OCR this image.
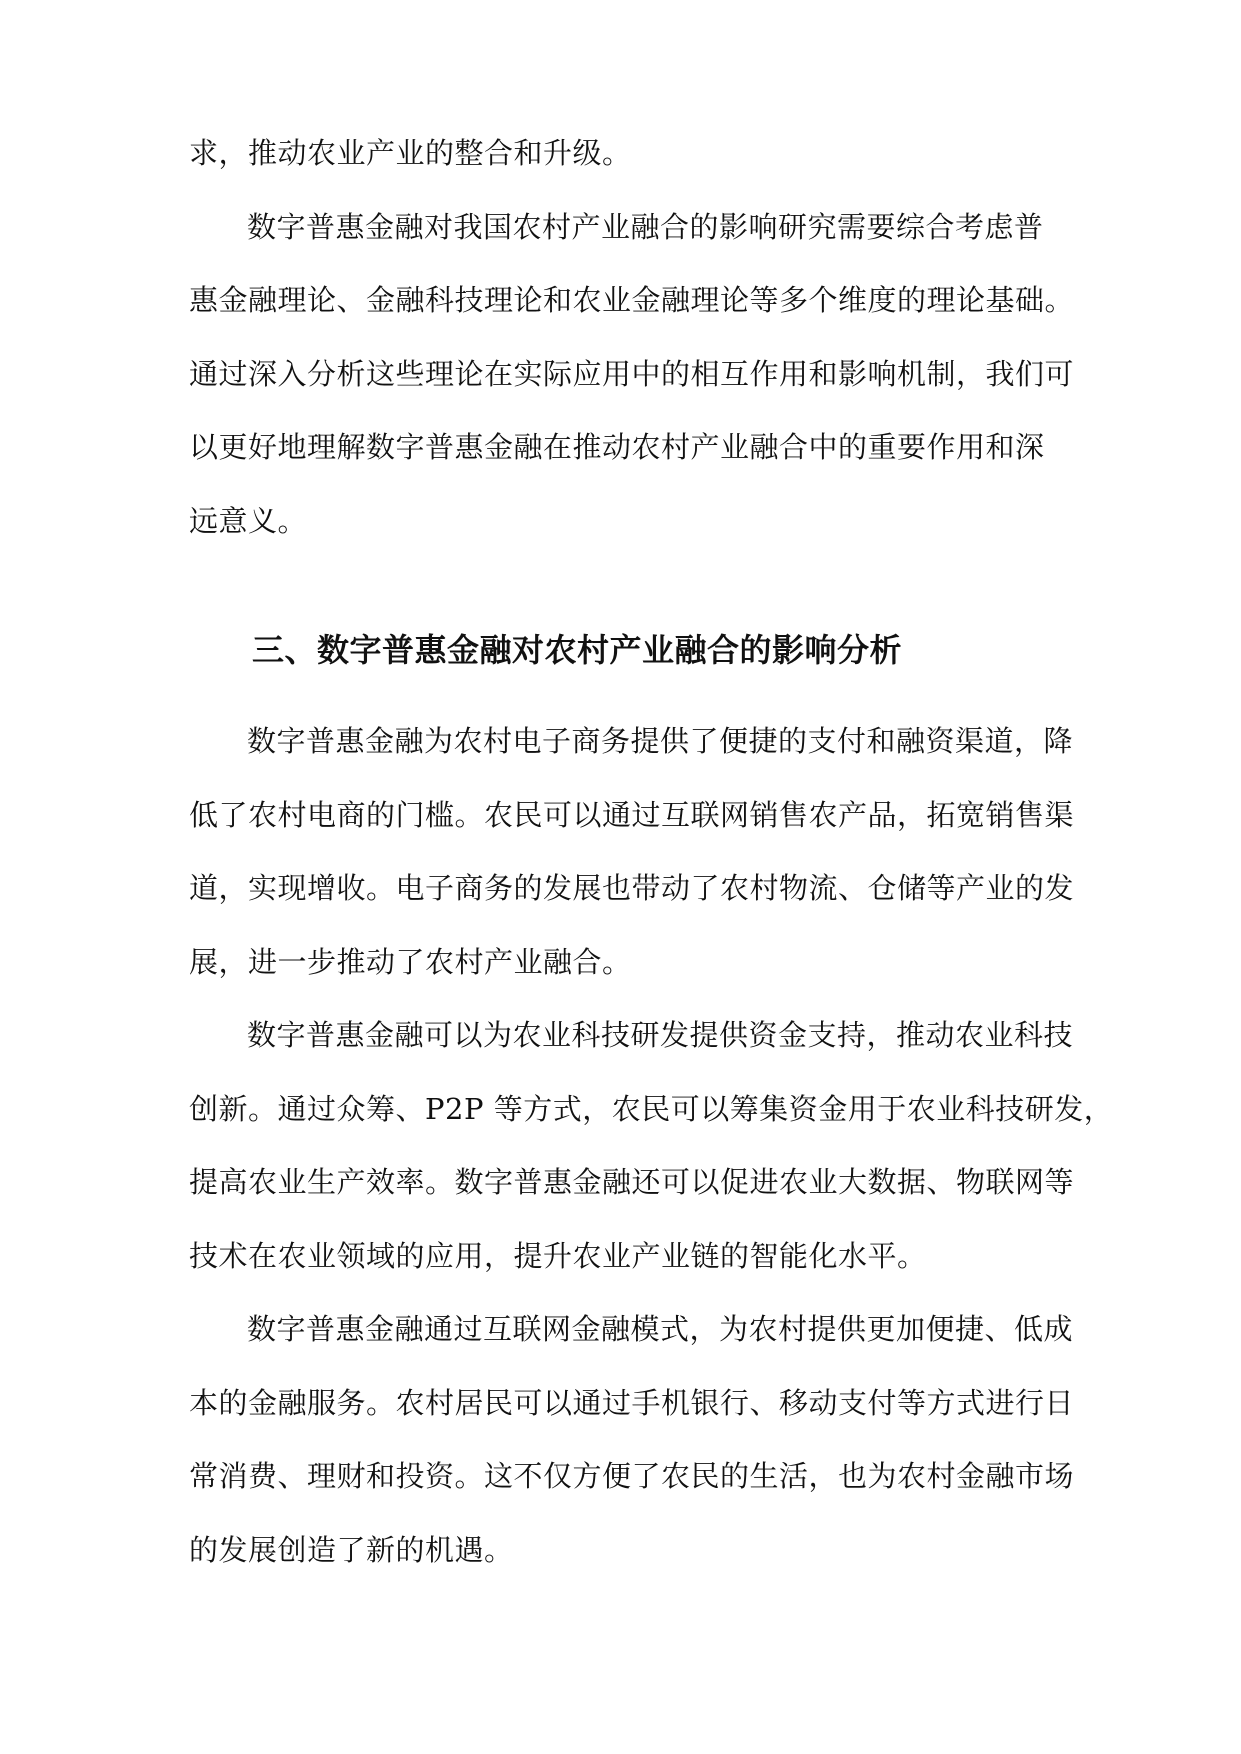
求，推动农业产业的整合和升级。
数字普惠金融对我国农村产业融合的影响研究需要综合考虑普
惠金融理论、金融科技理论和农业金融理论等多个维度的理论基础。
通过深入分析这些理论在实际应用中的相互作用和影响机制，我们可
以更好地理解数字普惠金融在推动农村产业融合中的重要作用和深
远意义。
三、数字普惠金融对农村产业融合的影响分析
数字普惠金融为农村电子商务提供了便捷的支付和融资渠道，降
低了农村电商的门槛。农民可以通过互联网销售农产品，拓宽销售渠
道，实现增收。电子商务的发展也带动了农村物流、仓储等产业的发
展，进一步推动了农村产业融合。
数字普惠金融可以为农业科技研发提供资金支持，推动农业科技
创新。通过众筹、P2P 等方式，农民可以筹集资金用于农业科技研发，
提高农业生产效率。数字普惠金融还可以促进农业大数据、物联网等
技术在农业领域的应用，提升农业产业链的智能化水平。
数字普惠金融通过互联网金融模式，为农村提供更加便捷、低成
本的金融服务。农村居民可以通过手机银行、移动支付等方式进行日
常消费、理财和投资。这不仅方便了农民的生活，也为农村金融市场
的发展创造了新的机遇。
